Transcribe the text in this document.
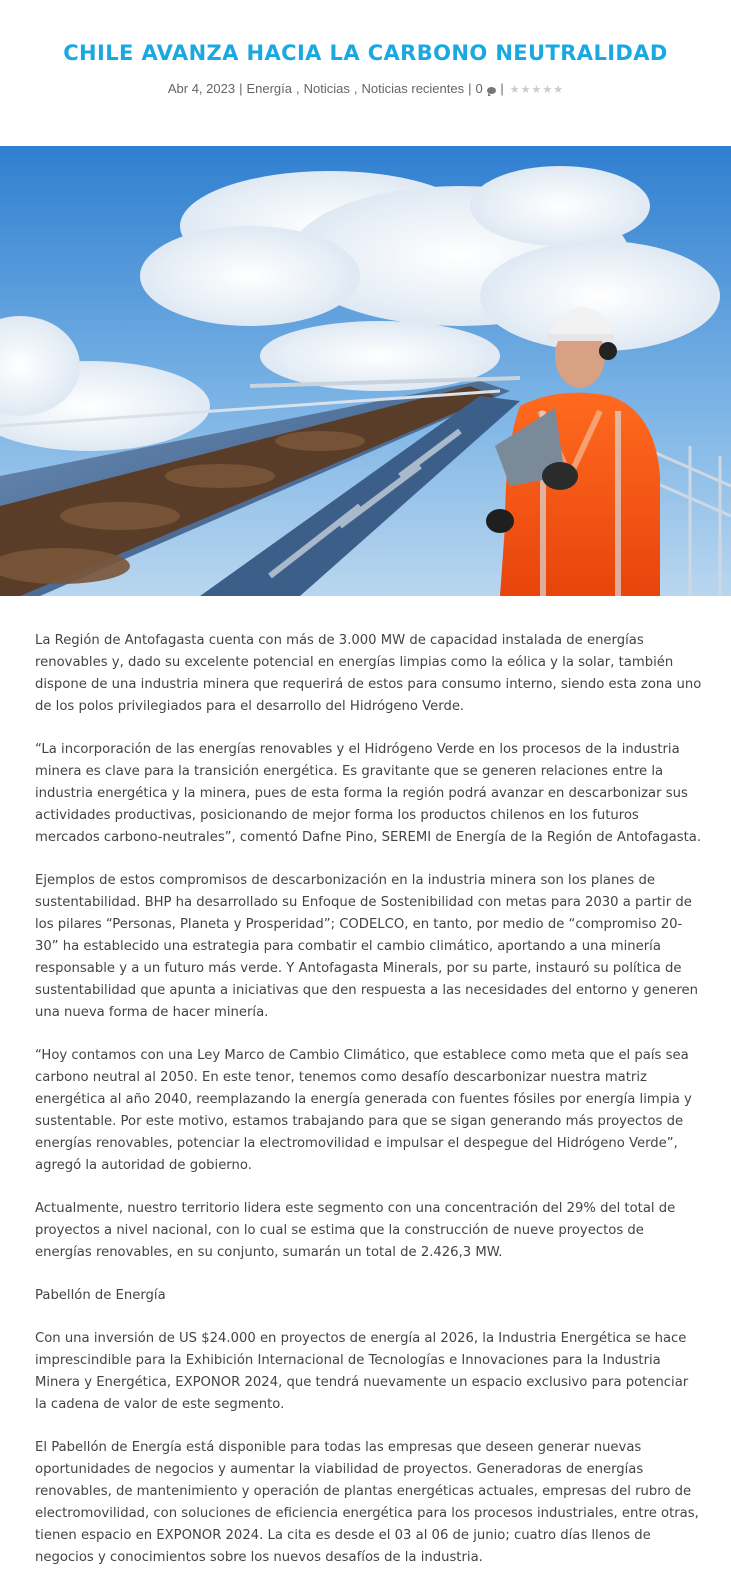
CHILE AVANZA HACIA LA CARBONO NEUTRALIDAD
Abr 4, 2023 | Energía , Noticias , Noticias recientes | 0	| ★ ★ ★ ★ ★

La Región de Antofagasta cuenta con más de 3.000 MW de capacidad instalada de energías renovables y, dado su excelente potencial en energías limpias como la eólica y la solar, también dispone de una industria minera que requerirá de estos para consumo interno, siendo esta zona uno de los polos privilegiados para el desarrollo del Hidrógeno Verde.

“La incorporación de las energías renovables y el Hidrógeno Verde en los procesos de la industria minera es clave para la transición energética. Es gravitante que se generen relaciones entre la industria energética y la minera, pues de esta forma la región podrá avanzar en descarbonizar sus actividades productivas, posicionando de mejor forma los productos chilenos en los futuros mercados carbono-neutrales”, comentó Dafne Pino, SEREMI de Energía de la Región de Antofagasta.

Ejemplos de estos compromisos de descarbonización en la industria minera son los planes de sustentabilidad. BHP ha desarrollado su Enfoque de Sostenibilidad con metas para 2030 a partir de los pilares “Personas, Planeta y Prosperidad”; CODELCO, en tanto, por medio de “compromiso 20-30” ha establecido una estrategia para combatir el cambio climático, aportando a una minería responsable y a un futuro más verde. Y Antofagasta Minerals, por su parte, instauró su política de sustentabilidad que apunta a iniciativas que den respuesta a las necesidades del entorno y generen una nueva forma de hacer minería.

“Hoy contamos con una Ley Marco de Cambio Climático, que establece como meta que el país sea carbono neutral al 2050. En este tenor, tenemos como desafío descarbonizar nuestra matriz energética al año 2040, reemplazando la energía generada con fuentes fósiles por energía limpia y sustentable. Por este motivo, estamos trabajando para que se sigan generando más proyectos de energías renovables, potenciar la electromovilidad e impulsar el despegue del Hidrógeno Verde”, agregó la autoridad de gobierno.

Actualmente, nuestro territorio lidera este segmento con una concentración del 29% del total de proyectos a nivel nacional, con lo cual se estima que la construcción de nueve proyectos de energías renovables, en su conjunto, sumarán un total de 2.426,3 MW.

Pabellón de Energía

Con una inversión de US $24.000 en proyectos de energía al 2026, la Industria Energética se hace imprescindible para la Exhibición Internacional de Tecnologías e Innovaciones para la Industria Minera y Energética, EXPONOR 2024, que tendrá nuevamente un espacio exclusivo para potenciar la cadena de valor de este segmento.

El Pabellón de Energía está disponible para todas las empresas que deseen generar nuevas oportunidades de negocios y aumentar la viabilidad de proyectos. Generadoras de energías renovables, de mantenimiento y operación de plantas energéticas actuales, empresas del rubro de electromovilidad, con soluciones de eficiencia energética para los procesos industriales, entre otras, tienen espacio en EXPONOR 2024. La cita es desde el 03 al 06 de junio; cuatro días llenos de negocios y conocimientos sobre los nuevos desafíos de la industria.
